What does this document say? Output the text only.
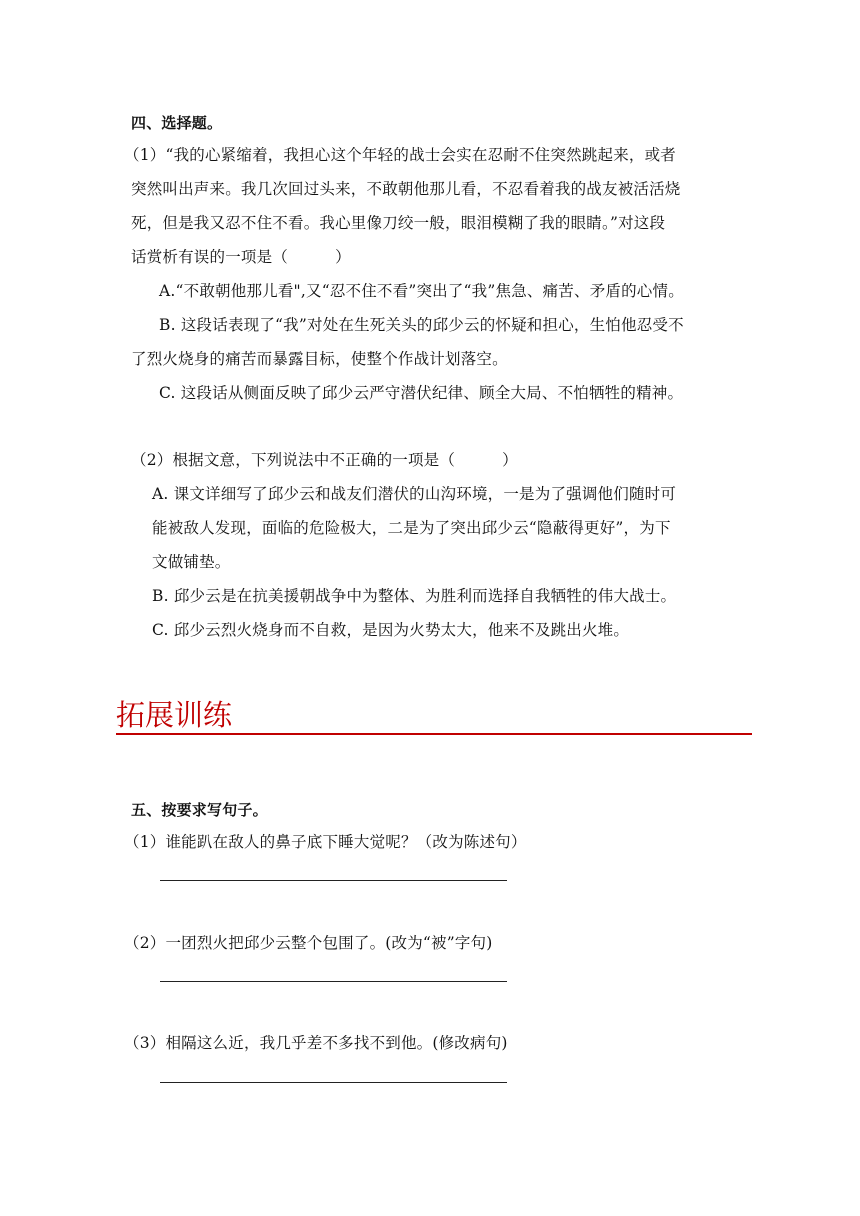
四、选择题。
（1）“我的心紧缩着，我担心这个年轻的战士会实在忍耐不住突然跳起来，或者
突然叫出声来。我几次回过头来，不敢朝他那儿看，不忍看着我的战友被活活烧
死，但是我又忍不住不看。我心里像刀绞一般，眼泪模糊了我的眼睛。”对这段
话赏析有误的一项是（　　　）
A.“不敢朝他那儿看",又“忍不住不看”突出了“我”焦急、痛苦、矛盾的心情。
B. 这段话表现了“我”对处在生死关头的邱少云的怀疑和担心，生怕他忍受不
了烈火烧身的痛苦而暴露目标，使整个作战计划落空。
C. 这段话从侧面反映了邱少云严守潜伏纪律、顾全大局、不怕牺牲的精神。
（2）根据文意，下列说法中不正确的一项是（　　　）
A. 课文详细写了邱少云和战友们潜伏的山沟环境，一是为了强调他们随时可
能被敌人发现，面临的危险极大，二是为了突出邱少云“隐蔽得更好”，为下
文做铺垫。
B. 邱少云是在抗美援朝战争中为整体、为胜利而选择自我牺牲的伟大战士。
C. 邱少云烈火烧身而不自救，是因为火势太大，他来不及跳出火堆。
拓展训练
五、按要求写句子。
（1）谁能趴在敌人的鼻子底下睡大觉呢？（改为陈述句）
（2）一团烈火把邱少云整个包围了。(改为“被”字句)
（3）相隔这么近，我几乎差不多找不到他。(修改病句)
